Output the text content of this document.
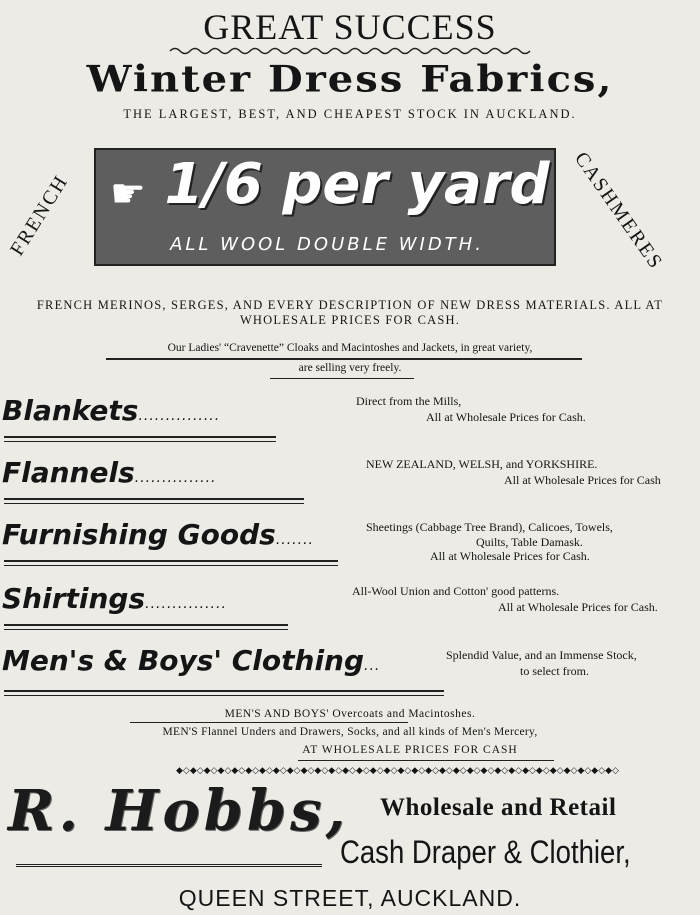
GREAT SUCCESS
Winter Dress Fabrics,
THE LARGEST, BEST, AND CHEAPEST STOCK IN AUCKLAND.
FRENCH	CASHMERES
☛ 1/6 per yard
ALL WOOL DOUBLE WIDTH.
FRENCH MERINOS, SERGES, AND EVERY DESCRIPTION OF NEW DRESS MATERIALS. ALL AT WHOLESALE PRICES FOR CASH.
Our Ladies' “Cravenette” Cloaks and Macintoshes and Jackets, in great variety,
are selling very freely.
Blankets...............
Direct from the Mills,
All at Wholesale Prices for Cash.
Flannels...............
NEW ZEALAND, WELSH, and YORKSHIRE.
All at Wholesale Prices for Cash
Furnishing Goods.......
Sheetings (Cabbage Tree Brand), Calicoes, Towels,
Quilts, Table Damask.
All at Wholesale Prices for Cash.
Shirtings...............
All-Wool Union and Cotton' good patterns.
All at Wholesale Prices for Cash.
Men's & Boys' Clothing...
Splendid Value, and an Immense Stock,
to select from.
MEN'S AND BOYS' Overcoats and Macintoshes.
MEN'S Flannel Unders and Drawers, Socks, and all kinds of Men's Mercery,
AT WHOLESALE PRICES FOR CASH
◆◇◆◇◆◇◆◇◆◇◆◇◆◇◆◇◆◇◆◇◆◇◆◇◆◇◆◇◆◇◆◇◆◇◆◇◆◇◆◇◆◇◆◇◆◇◆◇◆◇◆◇◆◇◆◇◆◇◆◇◆◇◆◇
R. Hobbs, Wholesale and Retail
Cash Draper & Clothier,
QUEEN STREET, AUCKLAND.
